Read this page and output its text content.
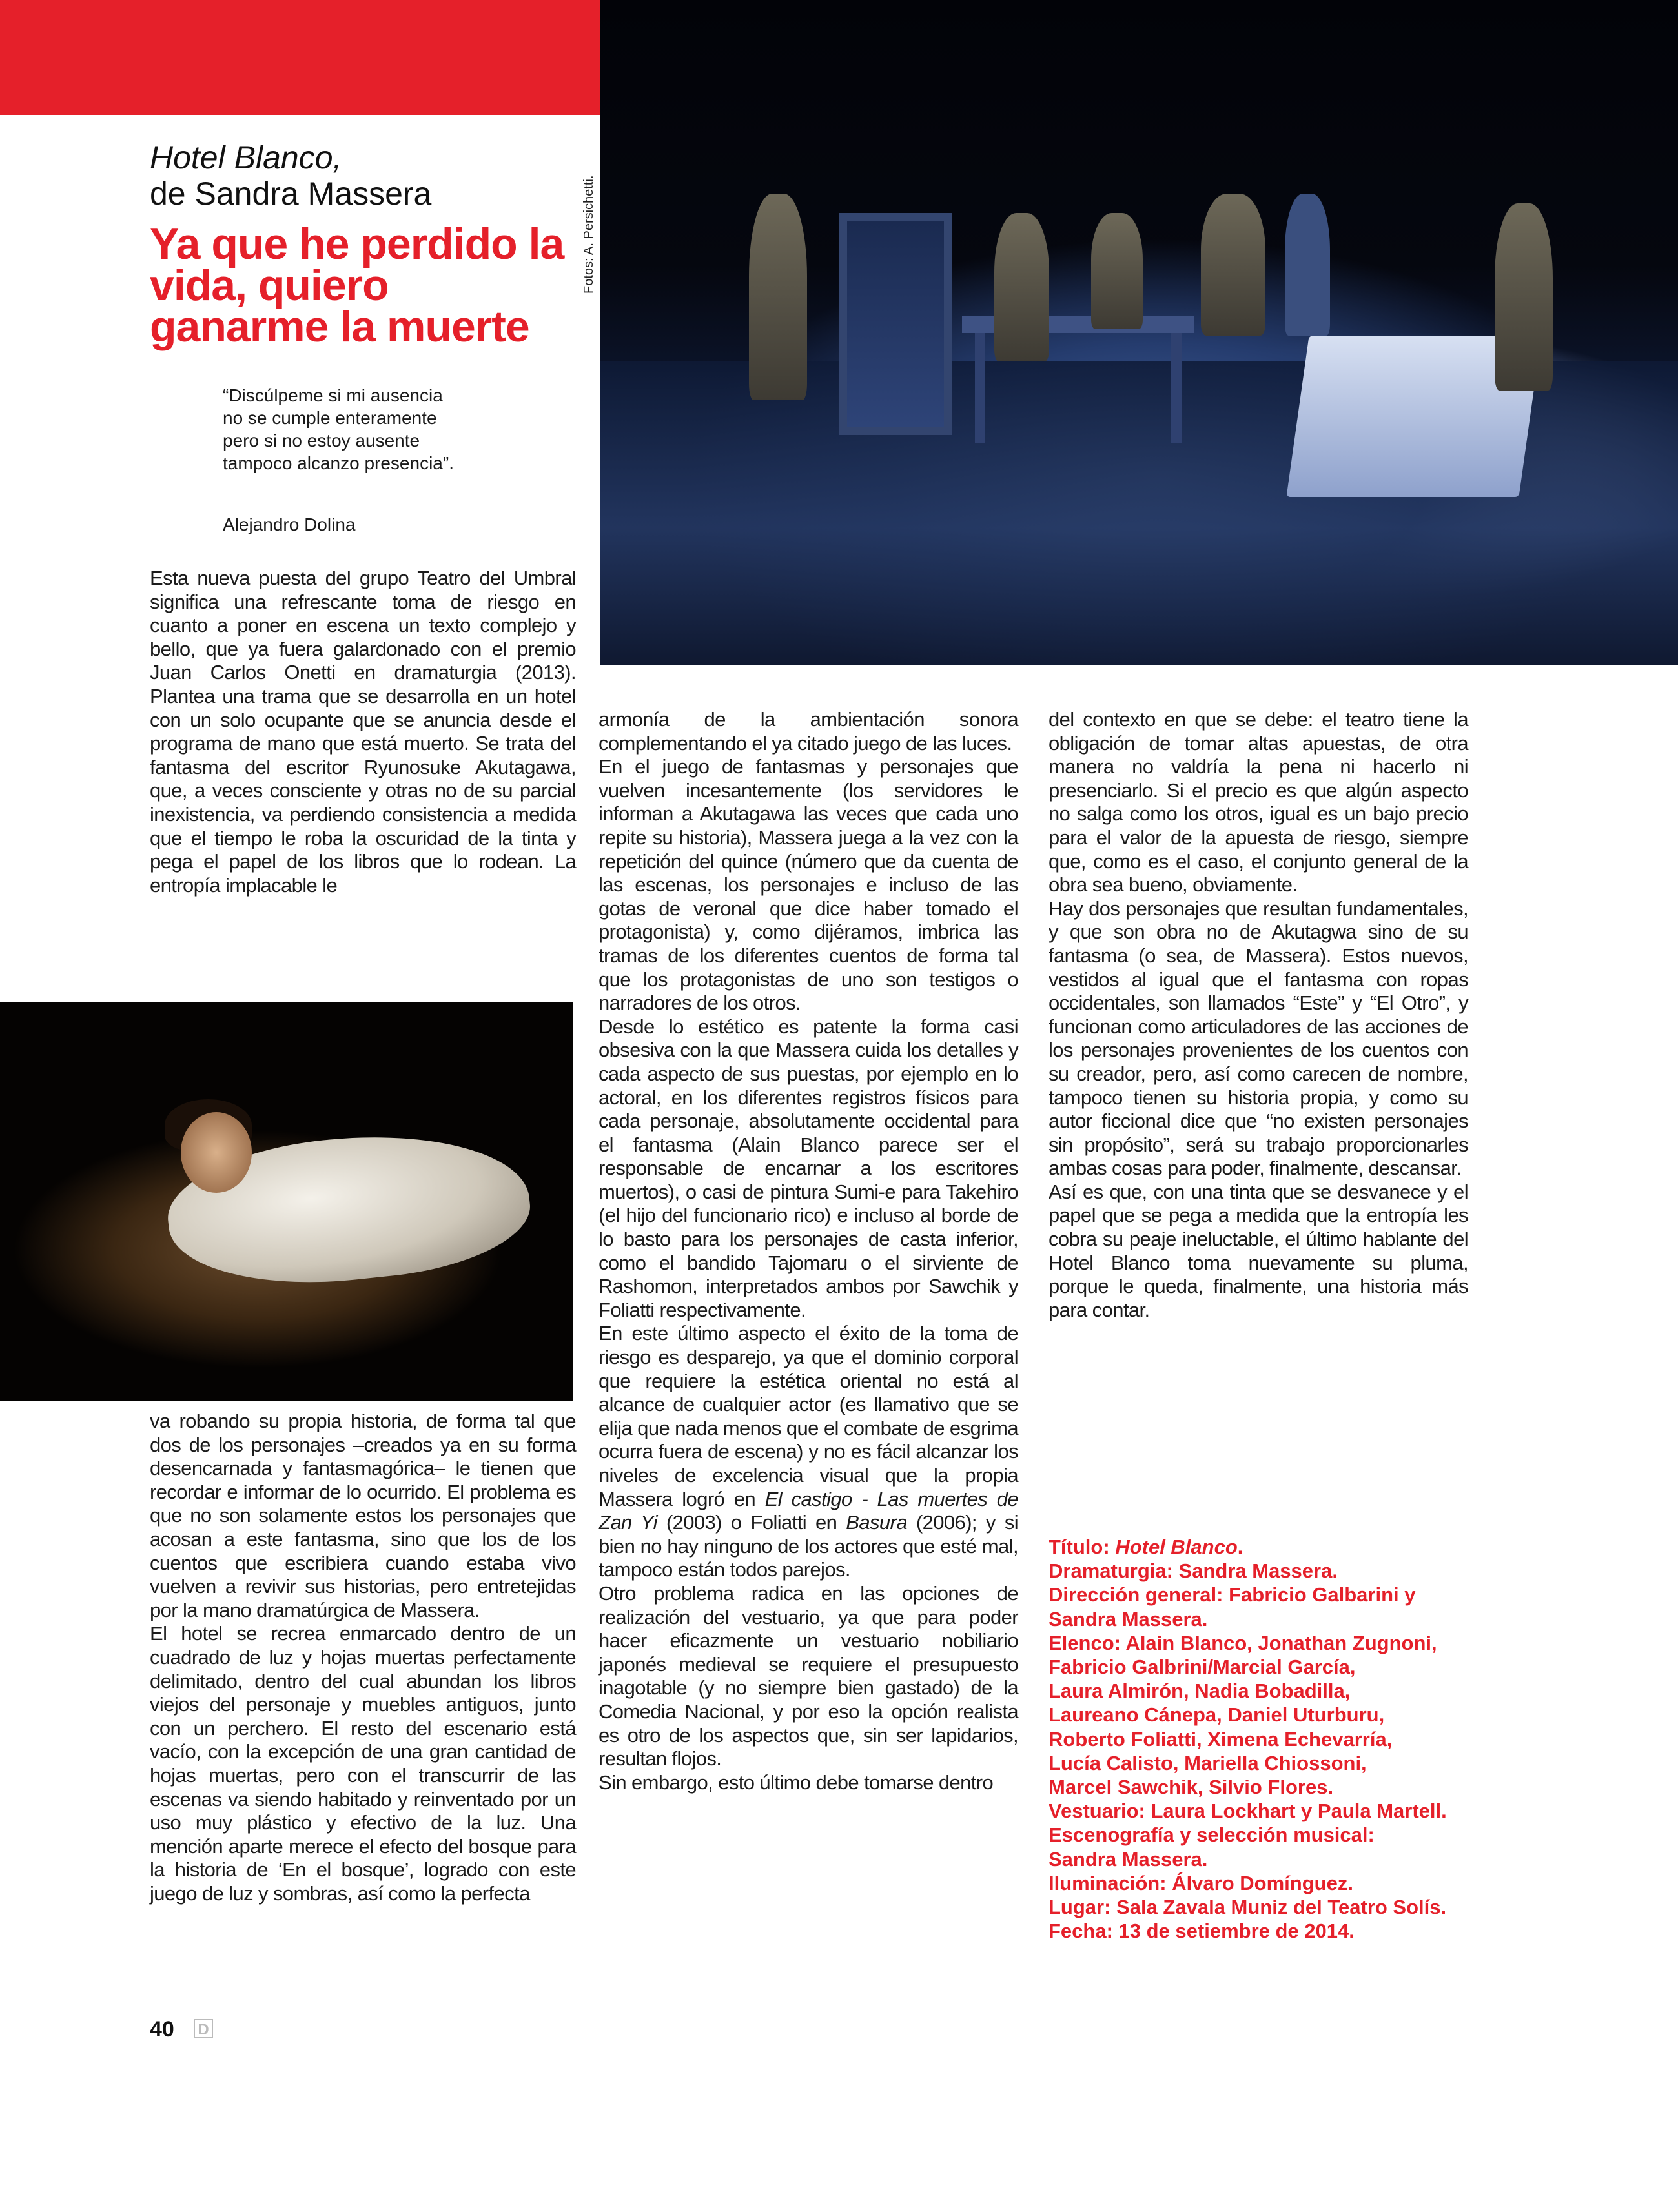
Fotos: A. Persichetti.
Hotel Blanco,
de Sandra Massera
Ya que he perdido la vida, quiero ganarme la muerte
“Discúlpeme si mi ausencia
no se cumple enteramente
pero si no estoy ausente
tampoco alcanzo presencia”.
Alejandro Dolina

Esta nueva puesta del grupo Teatro del Umbral significa una refrescante toma de riesgo en cuanto a poner en escena un texto complejo y bello, que ya fuera galardonado con el premio Juan Carlos Onetti en dramaturgia (2013). Plantea una trama que se desarrolla en un hotel con un solo ocupante que se anuncia desde el programa de mano que está muerto. Se trata del fantasma del escritor Ryunosuke Akutagawa, que, a veces consciente y otras no de su parcial inexistencia, va perdiendo consistencia a medida que el tiempo le roba la oscuridad de la tinta y pega el papel de los libros que lo rodean. La entropía implacable le

va robando su propia historia, de forma tal que dos de los personajes –creados ya en su forma desencarnada y fantasmagórica– le tienen que recordar e informar de lo ocurrido. El problema es que no son solamente estos los personajes que acosan a este fantasma, sino que los de los cuentos que escribiera cuando estaba vivo vuelven a revivir sus historias, pero entretejidas por la mano dramatúrgica de Massera.

El hotel se recrea enmarcado dentro de un cuadrado de luz y hojas muertas perfectamente delimitado, dentro del cual abundan los libros viejos del personaje y muebles antiguos, junto con un perchero. El resto del escenario está vacío, con la excepción de una gran cantidad de hojas muertas, pero con el transcurrir de las escenas va siendo habitado y reinventado por un uso muy plástico y efectivo de la luz. Una mención aparte merece el efecto del bosque para la historia de ‘En el bosque’, logrado con este juego de luz y sombras, así como la perfecta

armonía de la ambientación sonora complementando el ya citado juego de las luces.

En el juego de fantasmas y personajes que vuelven incesantemente (los servidores le informan a Akutagawa las veces que cada uno repite su historia), Massera juega a la vez con la repetición del quince (número que da cuenta de las escenas, los personajes e incluso de las gotas de veronal que dice haber tomado el protagonista) y, como dijéramos, imbrica las tramas de los diferentes cuentos de forma tal que los protagonistas de uno son testigos o narradores de los otros.

Desde lo estético es patente la forma casi obsesiva con la que Massera cuida los detalles y cada aspecto de sus puestas, por ejemplo en lo actoral, en los diferentes registros físicos para cada personaje, absolutamente occidental para el fantasma (Alain Blanco parece ser el responsable de encarnar a los escritores muertos), o casi de pintura Sumi-e para Takehiro (el hijo del funcionario rico) e incluso al borde de lo basto para los personajes de casta inferior, como el bandido Tajomaru o el sirviente de Rashomon, interpretados ambos por Sawchik y Foliatti respectivamente.

En este último aspecto el éxito de la toma de riesgo es desparejo, ya que el dominio corporal que requiere la estética oriental no está al alcance de cualquier actor (es llamativo que se elija que nada menos que el combate de esgrima ocurra fuera de escena) y no es fácil alcanzar los niveles de excelencia visual que la propia Massera logró en El castigo - Las muertes de Zan Yi (2003) o Foliatti en Basura (2006); y si bien no hay ninguno de los actores que esté mal, tampoco están todos parejos.

Otro problema radica en las opciones de realización del vestuario, ya que para poder hacer eficazmente un vestuario nobiliario japonés medieval se requiere el presupuesto inagotable (y no siempre bien gastado) de la Comedia Nacional, y por eso la opción realista es otro de los aspectos que, sin ser lapidarios, resultan flojos.

Sin embargo, esto último debe tomarse dentro

del contexto en que se debe: el teatro tiene la obligación de tomar altas apuestas, de otra manera no valdría la pena ni hacerlo ni presenciarlo. Si el precio es que algún aspecto no salga como los otros, igual es un bajo precio para el valor de la apuesta de riesgo, siempre que, como es el caso, el conjunto general de la obra sea bueno, obviamente.

Hay dos personajes que resultan fundamentales, y que son obra no de Akutagwa sino de su fantasma (o sea, de Massera). Estos nuevos, vestidos al igual que el fantasma con ropas occidentales, son llamados “Este” y “El Otro”, y funcionan como articuladores de las acciones de los personajes provenientes de los cuentos con su creador, pero, así como carecen de nombre, tampoco tienen su historia propia, y como su autor ficcional dice que “no existen personajes sin propósito”, será su trabajo proporcionarles ambas cosas para poder, finalmente, descansar.

Así es que, con una tinta que se desvanece y el papel que se pega a medida que la entropía les cobra su peaje ineluctable, el último hablante del Hotel Blanco toma nuevamente su pluma, porque le queda, finalmente, una historia más para contar.

Título: Hotel Blanco.
Dramaturgia: Sandra Massera.
Dirección general: Fabricio Galbarini y
Sandra Massera.
Elenco: Alain Blanco, Jonathan Zugnoni,
Fabricio Galbrini/Marcial García,
Laura Almirón, Nadia Bobadilla,
Laureano Cánepa, Daniel Uturburu,
Roberto Foliatti, Ximena Echevarría,
Lucía Calisto, Mariella Chiossoni,
Marcel Sawchik, Silvio Flores.
Vestuario: Laura Lockhart y Paula Martell.
Escenografía y selección musical:
Sandra Massera.
Iluminación: Álvaro Domínguez.
Lugar: Sala Zavala Muniz del Teatro Solís.
Fecha: 13 de setiembre de 2014.
40 D
